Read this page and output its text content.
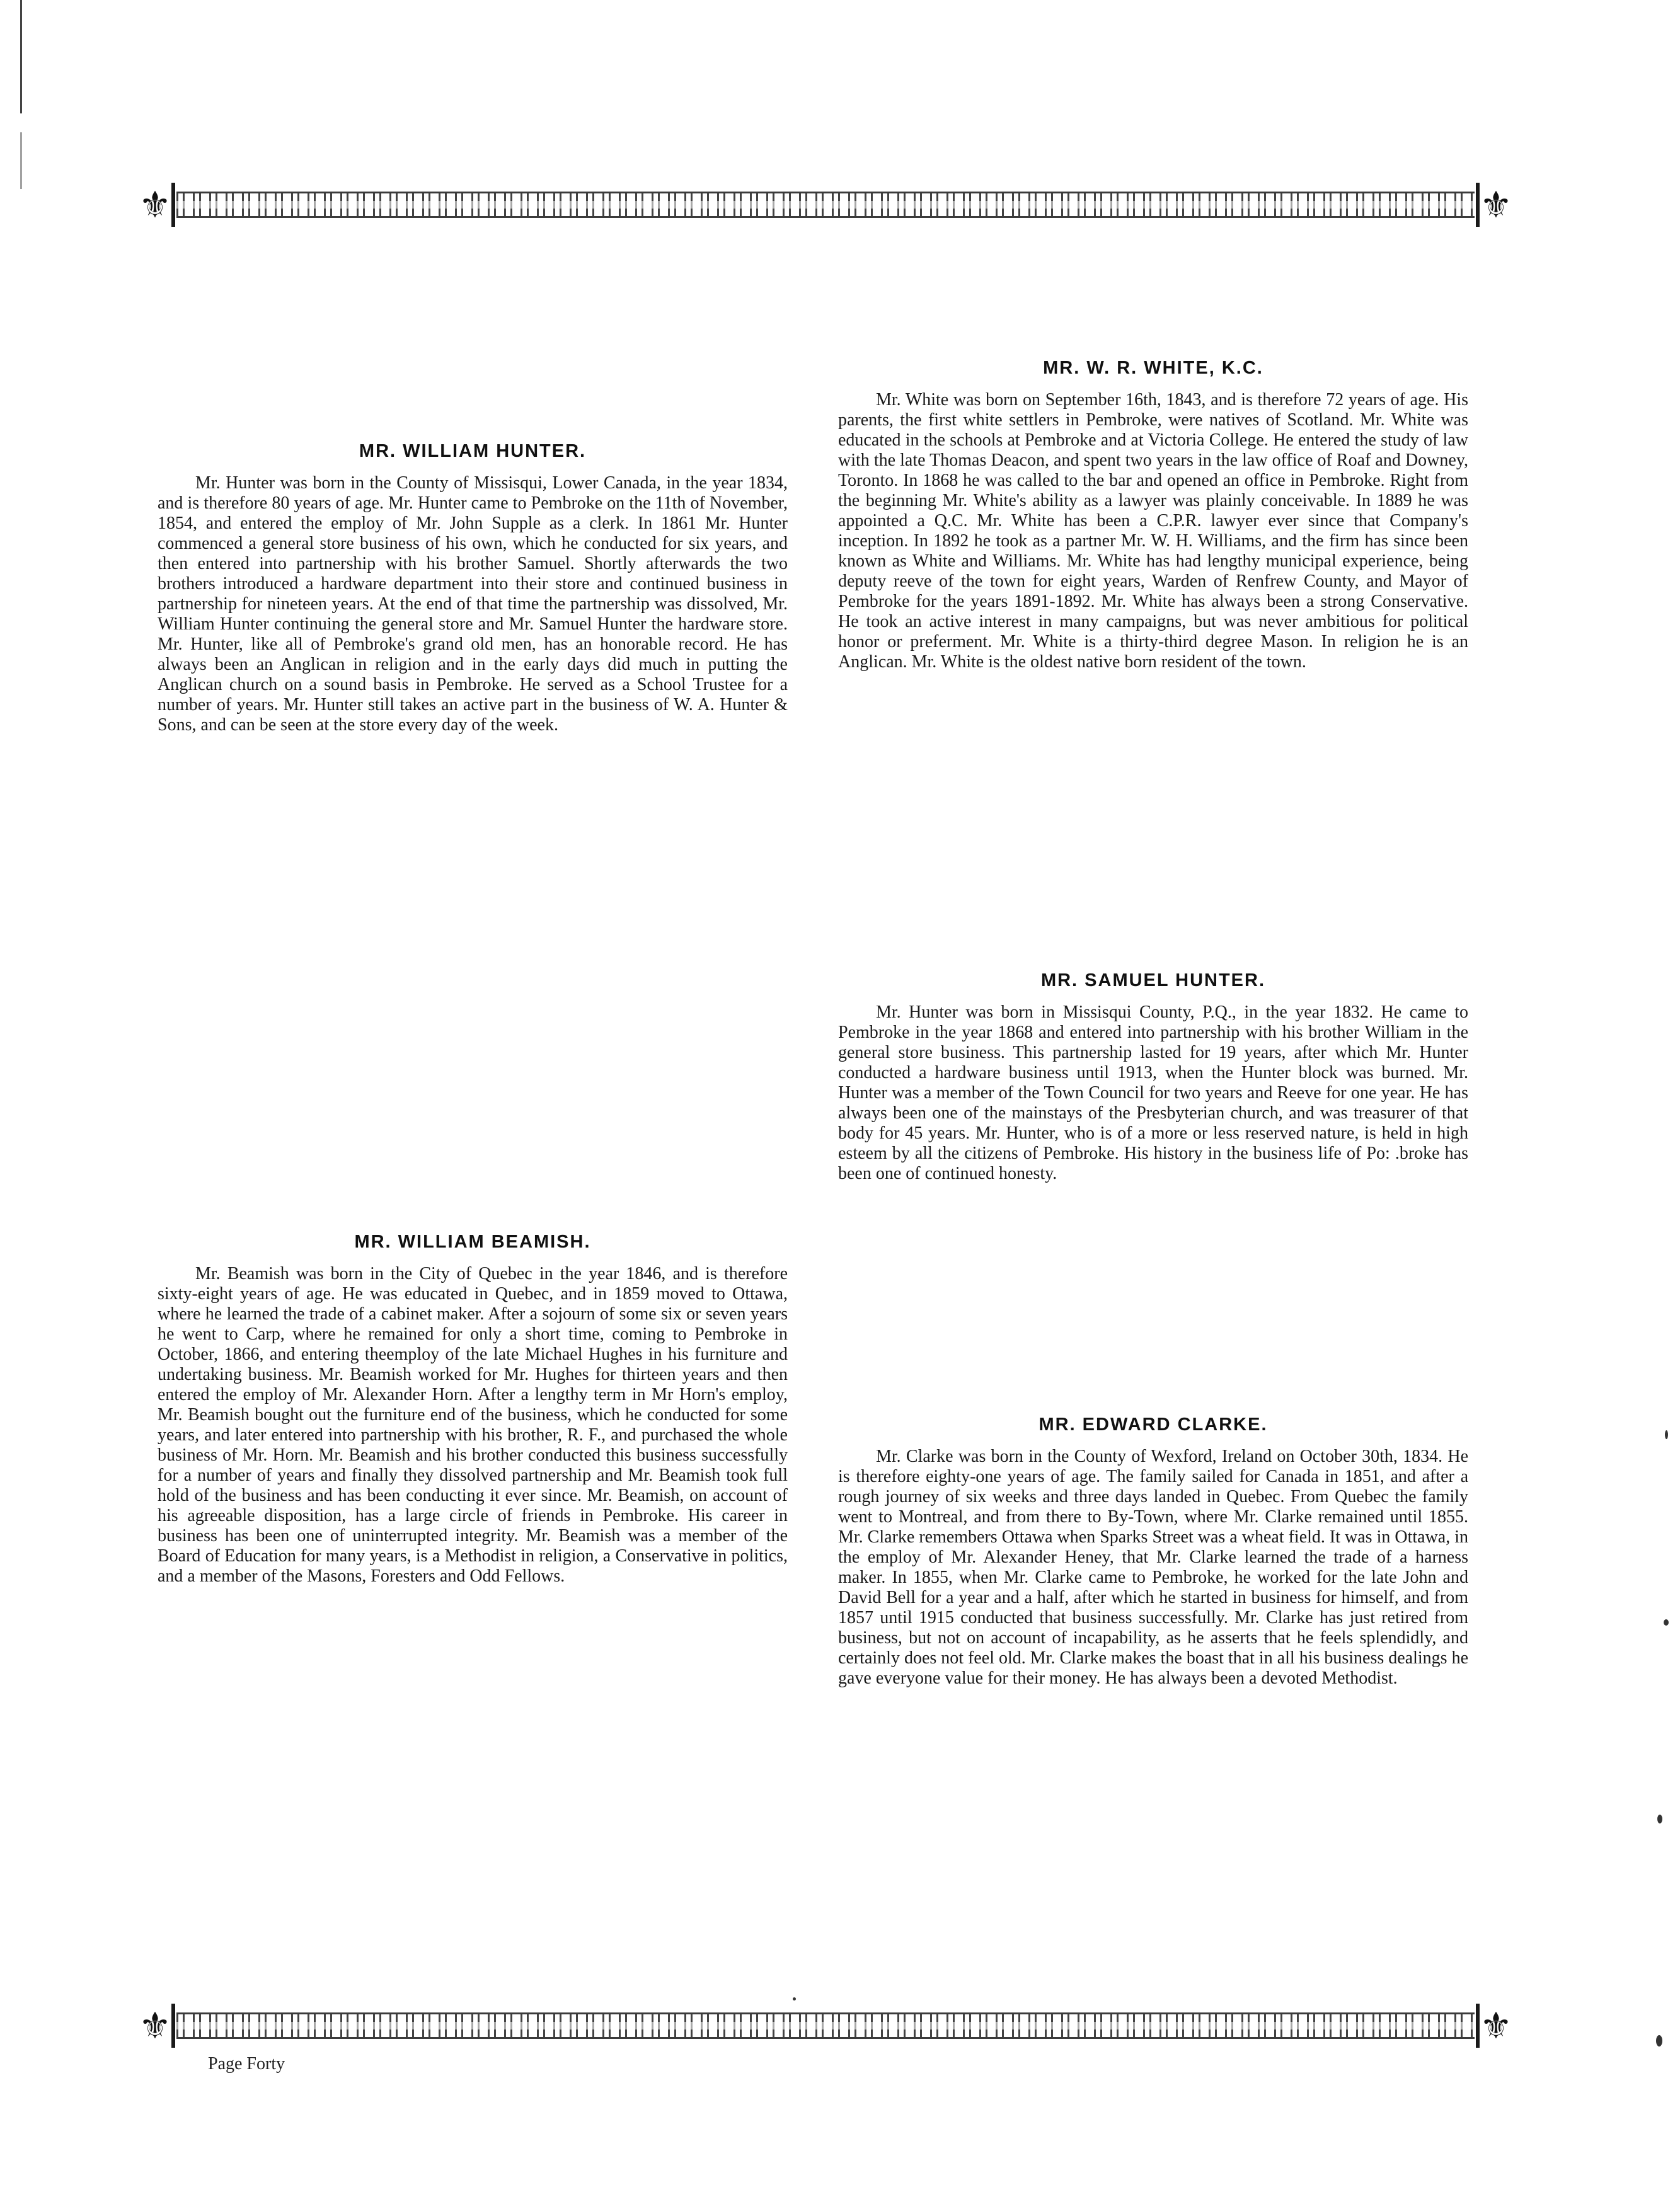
⚜	⚜
MR. WILLIAM HUNTER.

Mr. Hunter was born in the County of Missisqui, Lower Canada, in the year 1834, and is therefore 80 years of age. Mr. Hunter came to Pembroke on the 11th of November, 1854, and entered the employ of Mr. John Supple as a clerk. In 1861 Mr. Hunter commenced a general store business of his own, which he conducted for six years, and then entered into partnership with his brother Samuel. Shortly afterwards the two brothers introduced a hardware department into their store and continued business in partnership for nineteen years. At the end of that time the partnership was dissolved, Mr. William Hunter continuing the general store and Mr. Samuel Hunter the hardware store. Mr. Hunter, like all of Pembroke's grand old men, has an honorable record. He has always been an Anglican in religion and in the early days did much in putting the Anglican church on a sound basis in Pembroke. He served as a School Trustee for a number of years. Mr. Hunter still takes an active part in the business of W. A. Hunter & Sons, and can be seen at the store every day of the week.

MR. W. R. WHITE, K.C.

Mr. White was born on September 16th, 1843, and is therefore 72 years of age. His parents, the first white settlers in Pembroke, were natives of Scotland. Mr. White was educated in the schools at Pembroke and at Victoria College. He entered the study of law with the late Thomas Deacon, and spent two years in the law office of Roaf and Downey, Toronto. In 1868 he was called to the bar and opened an office in Pembroke. Right from the beginning Mr. White's ability as a lawyer was plainly conceivable. In 1889 he was appointed a Q.C. Mr. White has been a C.P.R. lawyer ever since that Company's inception. In 1892 he took as a partner Mr. W. H. Williams, and the firm has since been known as White and Williams. Mr. White has had lengthy municipal experience, being deputy reeve of the town for eight years, Warden of Renfrew County, and Mayor of Pembroke for the years 1891-1892. Mr. White has always been a strong Conservative. He took an active interest in many campaigns, but was never ambitious for political honor or preferment. Mr. White is a thirty-third degree Mason. In religion he is an Anglican. Mr. White is the oldest native born resident of the town.

MR. SAMUEL HUNTER.

Mr. Hunter was born in Missisqui County, P.Q., in the year 1832. He came to Pembroke in the year 1868 and entered into partnership with his brother William in the general store business. This partnership lasted for 19 years, after which Mr. Hunter conducted a hardware business until 1913, when the Hunter block was burned. Mr. Hunter was a member of the Town Council for two years and Reeve for one year. He has always been one of the mainstays of the Presbyterian church, and was treasurer of that body for 45 years. Mr. Hunter, who is of a more or less reserved nature, is held in high esteem by all the citizens of Pembroke. His history in the business life of Po: .broke has been one of continued honesty.

MR. WILLIAM BEAMISH.

Mr. Beamish was born in the City of Quebec in the year 1846, and is therefore sixty-eight years of age. He was educated in Quebec, and in 1859 moved to Ottawa, where he learned the trade of a cabinet maker. After a sojourn of some six or seven years he went to Carp, where he remained for only a short time, coming to Pembroke in October, 1866, and entering theemploy of the late Michael Hughes in his furniture and undertaking business. Mr. Beamish worked for Mr. Hughes for thirteen years and then entered the employ of Mr. Alexander Horn. After a lengthy term in Mr Horn's employ, Mr. Beamish bought out the furniture end of the business, which he conducted for some years, and later entered into partnership with his brother, R. F., and purchased the whole business of Mr. Horn. Mr. Beamish and his brother conducted this business successfully for a number of years and finally they dissolved partnership and Mr. Beamish took full hold of the business and has been conducting it ever since. Mr. Beamish, on account of his agreeable disposition, has a large circle of friends in Pembroke. His career in business has been one of uninterrupted integrity. Mr. Beamish was a member of the Board of Education for many years, is a Methodist in religion, a Conservative in politics, and a member of the Masons, Foresters and Odd Fellows.

MR. EDWARD CLARKE.

Mr. Clarke was born in the County of Wexford, Ireland on October 30th, 1834. He is therefore eighty-one years of age. The family sailed for Canada in 1851, and after a rough journey of six weeks and three days landed in Quebec. From Quebec the family went to Montreal, and from there to By-Town, where Mr. Clarke remained until 1855. Mr. Clarke remembers Ottawa when Sparks Street was a wheat field. It was in Ottawa, in the employ of Mr. Alexander Heney, that Mr. Clarke learned the trade of a harness maker. In 1855, when Mr. Clarke came to Pembroke, he worked for the late John and David Bell for a year and a half, after which he started in business for himself, and from 1857 until 1915 conducted that business successfully. Mr. Clarke has just retired from business, but not on account of incapability, as he asserts that he feels splendidly, and certainly does not feel old. Mr. Clarke makes the boast that in all his business dealings he gave everyone value for their money. He has always been a devoted Methodist.

⚜	⚜
Page Forty
